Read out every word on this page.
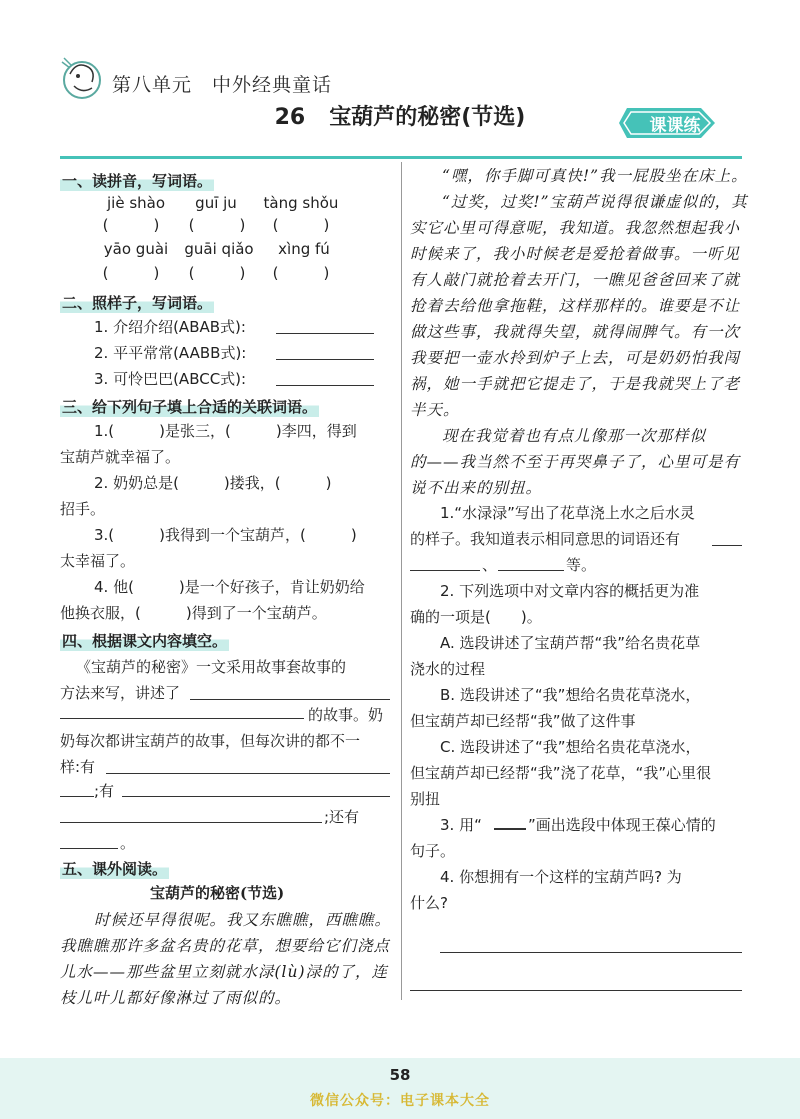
第八单元　中外经典童话
26 宝葫芦的秘密(节选)	课课练
一、读拼音，写词语。
jiè shào	guī ju	tàng shǒu
(　　　)	(　　　)	(　　　)
yāo guài	guāi qiǎo	xìng fú
(　　　)	(　　　)	(　　　)
二、照样子，写词语。
1. 介绍介绍(ABAB式):
2. 平平常常(AABB式):
3. 可怜巴巴(ABCC式):
三、给下列句子填上合适的关联词语。
1.(　　　)是张三，(　　　)李四，得到
宝葫芦就幸福了。
2. 奶奶总是(　　　)搂我，(　　　)
招手。
3.(　　　)我得到一个宝葫芦，(　　　)
太幸福了。
4. 他(　　　)是一个好孩子，肯让奶奶给
他换衣服，(　　　)得到了一个宝葫芦。
四、根据课文内容填空。
《宝葫芦的秘密》一文采用故事套故事的
方法来写，讲述了
的故事。奶
奶每次都讲宝葫芦的故事，但每次讲的都不一
样:有
;有
;还有
。
五、课外阅读。
宝葫芦的秘密(节选)
时候还早得很呢。我又东瞧瞧，西瞧瞧。
我瞧瞧那许多盆名贵的花草，想要给它们浇点
儿水——那些盆里立刻就水渌(lù)渌的了，连
枝儿叶儿都好像淋过了雨似的。
“嘿，你手脚可真快!”我一屁股坐在床上。
“过奖，过奖!”宝葫芦说得很谦虚似的，其
实它心里可得意呢，我知道。我忽然想起我小
时候来了，我小时候老是爱抢着做事。一听见
有人敲门就抢着去开门，一瞧见爸爸回来了就
抢着去给他拿拖鞋，这样那样的。谁要是不让
做这些事，我就得失望，就得闹脾气。有一次
我要把一壶水拎到炉子上去，可是奶奶怕我闯
祸，她一手就把它提走了，于是我就哭上了老
半天。
现在我觉着也有点儿像那一次那样似
的——我当然不至于再哭鼻子了，心里可是有
说不出来的别扭。
1.“水渌渌”写出了花草浇上水之后水灵
的样子。我知道表示相同意思的词语还有
、	等。
2. 下列选项中对文章内容的概括更为准
确的一项是(　　)。
A. 选段讲述了宝葫芦帮“我”给名贵花草
浇水的过程
B. 选段讲述了“我”想给名贵花草浇水，
但宝葫芦却已经帮“我”做了这件事
C. 选段讲述了“我”想给名贵花草浇水，
但宝葫芦却已经帮“我”浇了花草，“我”心里很
别扭
3. 用“	”画出选段中体现王葆心情的
句子。
4. 你想拥有一个这样的宝葫芦吗? 为
什么?
58
微信公众号：电子课本大全
